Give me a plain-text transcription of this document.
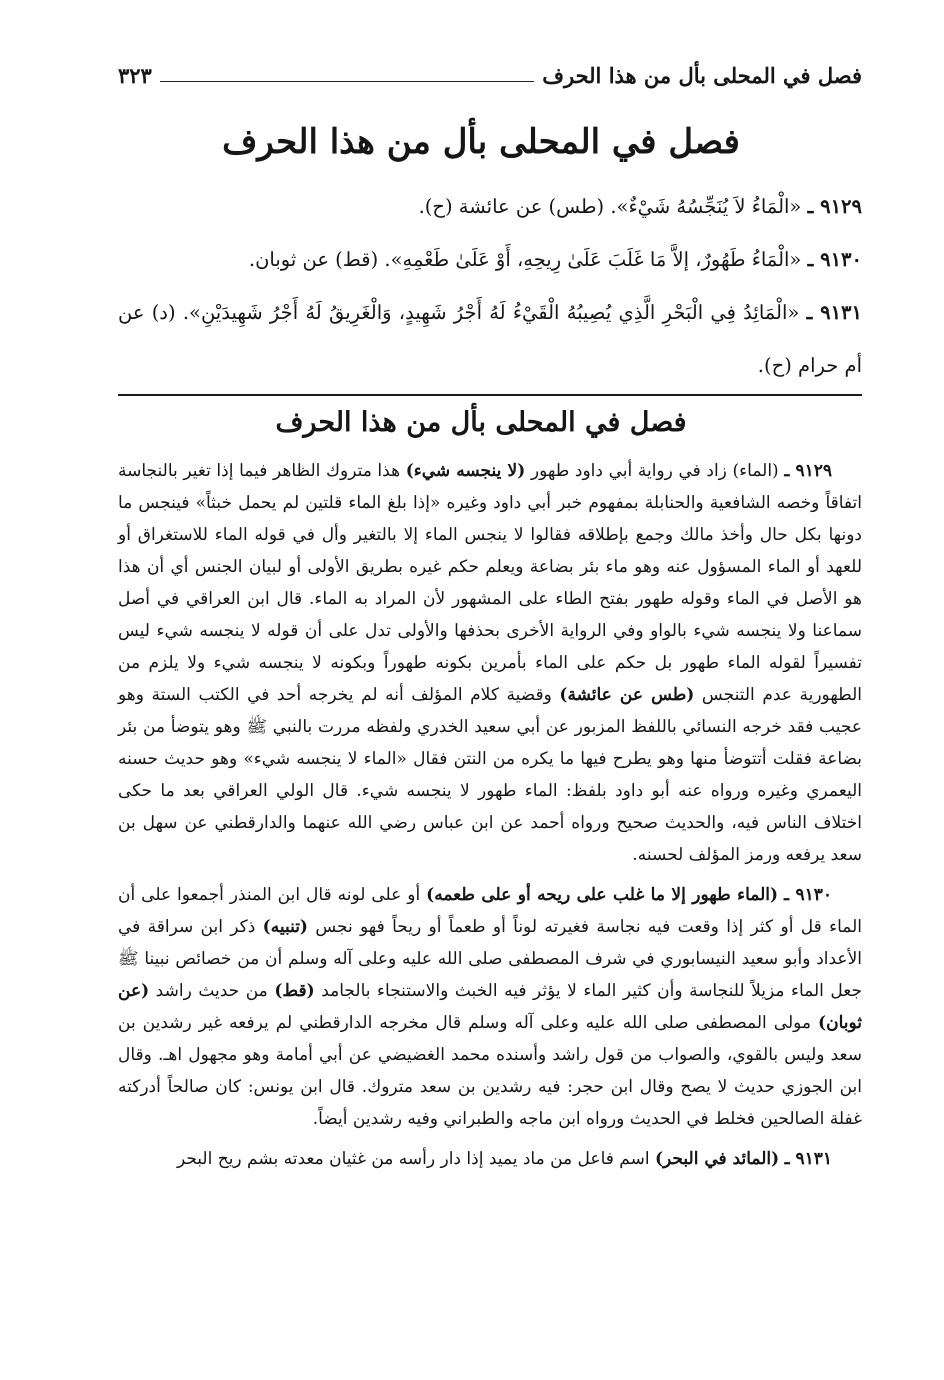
فصل في المحلى بأل من هذا الحرف
٣٢٣
فصل في المحلى بأل من هذا الحرف

٩١٢٩ ـ «الْمَاءُ لاَ يُنَجِّسُهُ شَيْءٌ». (طس) عن عائشة (ح).

٩١٣٠ ـ «الْمَاءُ طَهُورٌ، إلاَّ مَا غَلَبَ عَلَىٰ رِيحِهِ، أَوْ عَلَىٰ طَعْمِهِ». (قط) عن ثوبان.

٩١٣١ ـ «الْمَائِدُ فِي الْبَحْرِ الَّذِي يُصِيبُهُ الْقَيْءُ لَهُ أَجْرُ شَهِيدٍ، وَالْغَرِيقُ لَهُ أَجْرُ شَهِيدَيْنِ». (د) عن أم حرام (ح).

فصل في المحلى بأل من هذا الحرف

٩١٢٩ ـ (الماء) زاد في رواية أبي داود طهور (لا ينجسه شيء) هذا متروك الظاهر فيما إذا تغير بالنجاسة اتفاقاً وخصه الشافعية والحنابلة بمفهوم خبر أبي داود وغيره «إذا بلغ الماء قلتين لم يحمل خبثاً» فينجس ما دونها بكل حال وأخذ مالك وجمع بإطلاقه فقالوا لا ينجس الماء إلا بالتغير وأل في قوله الماء للاستغراق أو للعهد أو الماء المسؤول عنه وهو ماء بئر بضاعة ويعلم حكم غيره بطريق الأولى أو لبيان الجنس أي أن هذا هو الأصل في الماء وقوله طهور بفتح الطاء على المشهور لأن المراد به الماء. قال ابن العراقي في أصل سماعنا ولا ينجسه شيء بالواو وفي الرواية الأخرى بحذفها والأولى تدل على أن قوله لا ينجسه شيء ليس تفسيراً لقوله الماء طهور بل حكم على الماء بأمرين بكونه طهوراً وبكونه لا ينجسه شيء ولا يلزم من الطهورية عدم التنجس (طس عن عائشة) وقضية كلام المؤلف أنه لم يخرجه أحد في الكتب الستة وهو عجيب فقد خرجه النسائي باللفظ المزبور عن أبي سعيد الخدري ولفظه مررت بالنبي ﷺ وهو يتوضأ من بئر بضاعة فقلت أتتوضأ منها وهو يطرح فيها ما يكره من النتن فقال «الماء لا ينجسه شيء» وهو حديث حسنه اليعمري وغيره ورواه عنه أبو داود بلفظ: الماء طهور لا ينجسه شيء. قال الولي العراقي بعد ما حكى اختلاف الناس فيه، والحديث صحيح ورواه أحمد عن ابن عباس رضي الله عنهما والدارقطني عن سهل بن سعد يرفعه ورمز المؤلف لحسنه.

٩١٣٠ ـ (الماء طهور إلا ما غلب على ريحه أو على طعمه) أو على لونه قال ابن المنذر أجمعوا على أن الماء قل أو كثر إذا وقعت فيه نجاسة فغيرته لوناً أو طعماً أو ريحاً فهو نجس (تنبيه) ذكر ابن سراقة في الأعداد وأبو سعيد النيسابوري في شرف المصطفى صلى الله عليه وعلى آله وسلم أن من خصائص نبينا ﷺ جعل الماء مزيلاً للنجاسة وأن كثير الماء لا يؤثر فيه الخبث والاستنجاء بالجامد (قط) من حديث راشد (عن ثوبان) مولى المصطفى صلى الله عليه وعلى آله وسلم قال مخرجه الدارقطني لم يرفعه غير رشدين بن سعد وليس بالقوي، والصواب من قول راشد وأسنده محمد الغضيضي عن أبي أمامة وهو مجهول اهـ. وقال ابن الجوزي حديث لا يصح وقال ابن حجر: فيه رشدين بن سعد متروك. قال ابن يونس: كان صالحاً أدركته غفلة الصالحين فخلط في الحديث ورواه ابن ماجه والطبراني وفيه رشدين أيضاً.

٩١٣١ ـ (المائد في البحر) اسم فاعل من ماد يميد إذا دار رأسه من غثيان معدته بشم ريح البحر
